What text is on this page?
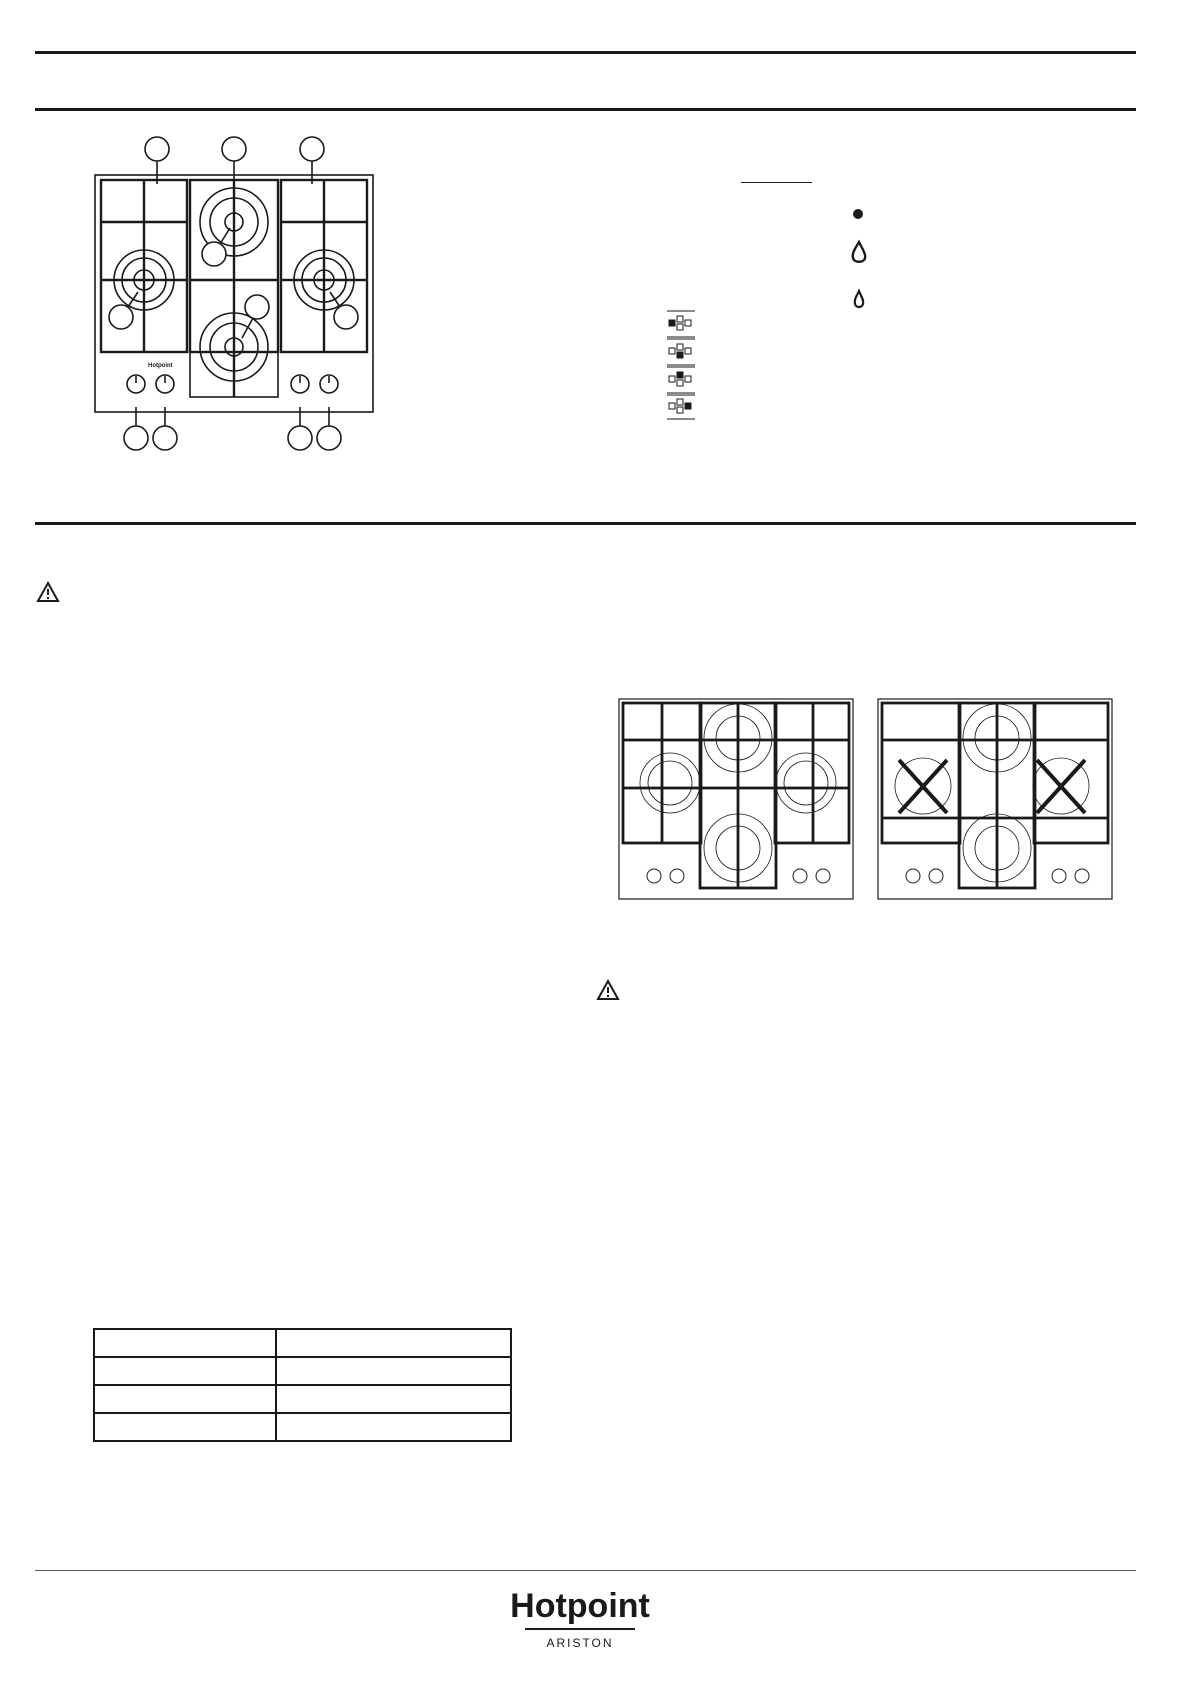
Hotpoint

Hotpoint
ARISTON
